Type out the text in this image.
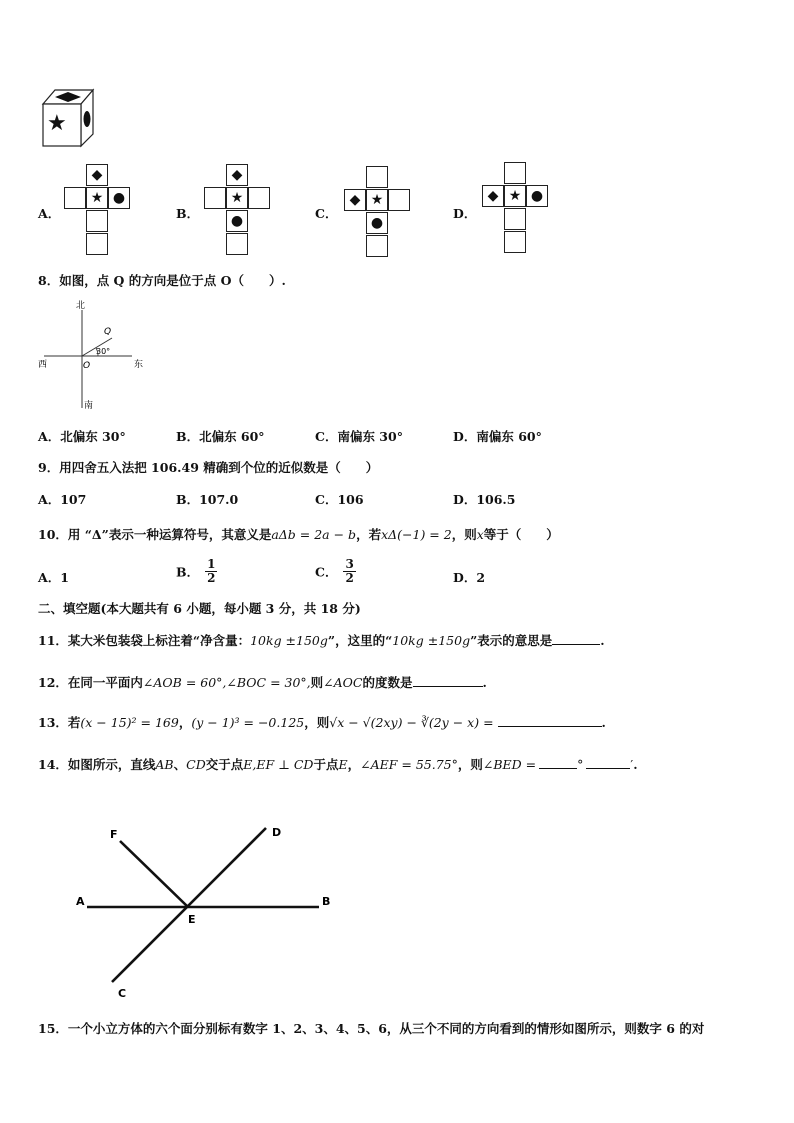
★
A．
◆
★ ●
B．
◆
★
●	C．
◆ ★
●
D．
◆ ★ ●
8．如图，点 Q 的方向是位于点 O（　　）.
北
西	东
南
O
Q
30°
A．北偏东 30°	B．北偏东 60°	C．南偏东 30°	D．南偏东 60°
9．用四舍五入法把 106.49 精确到个位的近似数是（　　）
A．107	B．107.0	C．106	D．106.5
10．用 “Δ”表示一种运算符号，其意义是aΔb = 2a − b，若xΔ(−1) = 2，则x等于（　　）
A．1	B． $\frac{1}{2}$	C． $\frac{3}{2}$	D．2
二、填空题(本大题共有 6 小题，每小题 3 分，共 18 分)
11．某大米包装袋上标注着“净含量：10kg ±150g”，这里的“10kg ±150g”表示的意思是	.
12．在同一平面内∠AOB = 60°,∠BOC = 30°,则∠AOC的度数是	.
13．若(x − 15)² = 169，(y − 1)³ = −0.125，则√x − √(2xy) − ∛(2y − x) =	.
14．如图所示，直线AB、CD交于点E,EF ⊥ CD于点E，∠AEF = 55.75°，则∠BED =	°	′.
F	D
A	B
E
C
15．一个小立方体的六个面分别标有数字 1、2、3、4、5、6，从三个不同的方向看到的情形如图所示，则数字 6 的对
